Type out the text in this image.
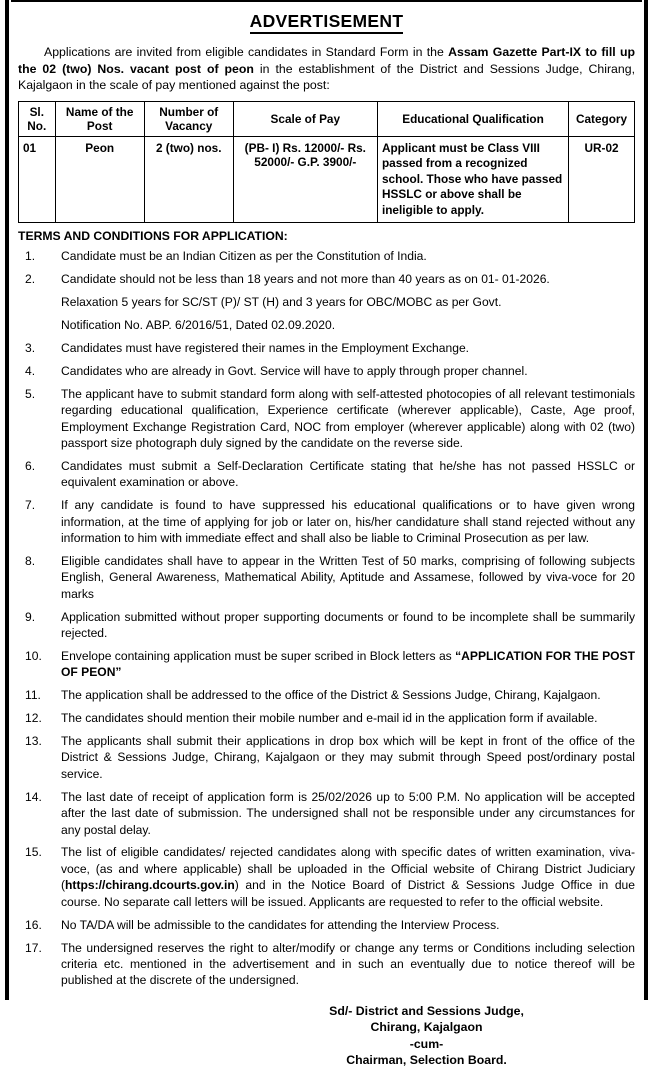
ADVERTISEMENT

Applications are invited from eligible candidates in Standard Form in the Assam Gazette Part-IX to fill up the 02 (two) Nos. vacant post of peon in the establishment of the District and Sessions Judge, Chirang, Kajalgaon in the scale of pay mentioned against the post:

Sl. No.	Name of the Post	Number of Vacancy	Scale of Pay	Educational Qualification	Category
01	Peon	2 (two) nos.	(PB- I) Rs. 12000/- Rs. 52000/- G.P. 3900/-	Applicant must be Class VIII passed from a recognized school. Those who have passed HSSLC or above shall be ineligible to apply.	UR-02
TERMS AND CONDITIONS FOR APPLICATION:
1.	Candidate must be an Indian Citizen as per the Constitution of India.
2.	Candidate should not be less than 18 years and not more than 40 years as on 01- 01-2026.
Relaxation 5 years for SC/ST (P)/ ST (H) and 3 years for OBC/MOBC as per Govt.
Notification No. ABP. 6/2016/51, Dated 02.09.2020.
3.	Candidates must have registered their names in the Employment Exchange.
4.	Candidates who are already in Govt. Service will have to apply through proper channel.
5.	The applicant have to submit standard form along with self-attested photocopies of all relevant testimonials regarding educational qualification, Experience certificate (wherever applicable), Caste, Age proof, Employment Exchange Registration Card, NOC from employer (wherever applicable) along with 02 (two) passport size photograph duly signed by the candidate on the reverse side.
6.	Candidates must submit a Self-Declaration Certificate stating that he/she has not passed HSSLC or equivalent examination or above.
7.	If any candidate is found to have suppressed his educational qualifications or to have given wrong information, at the time of applying for job or later on, his/her candidature shall stand rejected without any information to him with immediate effect and shall also be liable to Criminal Prosecution as per law.
8.	Eligible candidates shall have to appear in the Written Test of 50 marks, comprising of following subjects English, General Awareness, Mathematical Ability, Aptitude and Assamese, followed by viva-voce for 20 marks
9.	Application submitted without proper supporting documents or found to be incomplete shall be summarily rejected.
10.	Envelope containing application must be super scribed in Block letters as “APPLICATION FOR THE POST OF PEON”
11.	The application shall be addressed to the office of the District & Sessions Judge, Chirang, Kajalgaon.
12.	The candidates should mention their mobile number and e-mail id in the application form if available.
13.	The applicants shall submit their applications in drop box which will be kept in front of the office of the District & Sessions Judge, Chirang, Kajalgaon or they may submit through Speed post/ordinary postal service.
14.	The last date of receipt of application form is 25/02/2026 up to 5:00 P.M. No application will be accepted after the last date of submission. The undersigned shall not be responsible under any circumstances for any postal delay.
15.	The list of eligible candidates/ rejected candidates along with specific dates of written examination, viva-voce, (as and where applicable) shall be uploaded in the Official website of Chirang District Judiciary (https://chirang.dcourts.gov.in) and in the Notice Board of District & Sessions Judge Office in due course. No separate call letters will be issued. Applicants are requested to refer to the official website.
16.	No TA/DA will be admissible to the candidates for attending the Interview Process.
17.	The undersigned reserves the right to alter/modify or change any terms or Conditions including selection criteria etc. mentioned in the advertisement and in such an eventually due to notice thereof will be published at the discrete of the undersigned.
Sd/- District and Sessions Judge,
Chirang, Kajalgaon
-cum-
Chairman, Selection Board.
